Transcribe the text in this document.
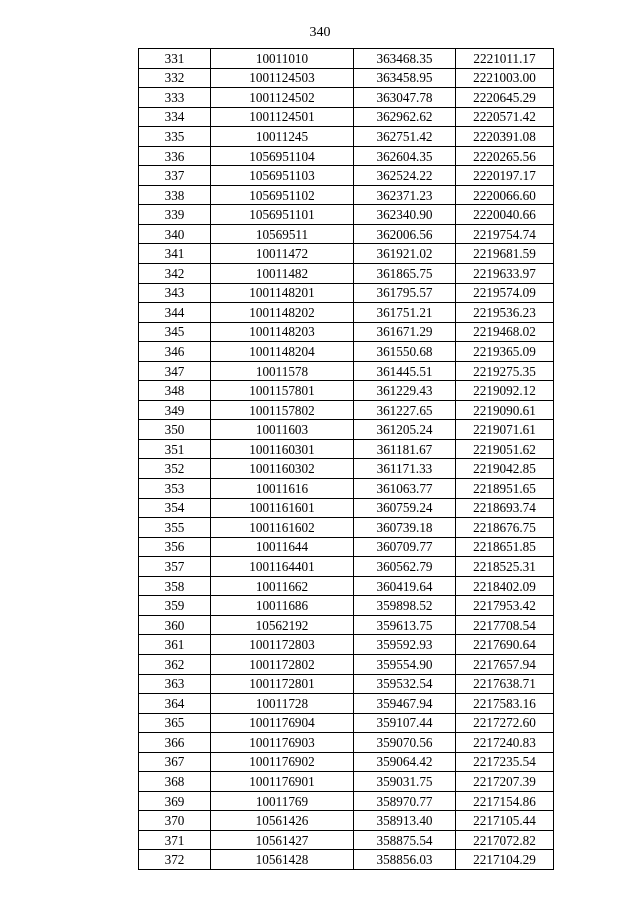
340
331	10011010	363468.35	2221011.17
332	1001124503	363458.95	2221003.00
333	1001124502	363047.78	2220645.29
334	1001124501	362962.62	2220571.42
335	10011245	362751.42	2220391.08
336	1056951104	362604.35	2220265.56
337	1056951103	362524.22	2220197.17
338	1056951102	362371.23	2220066.60
339	1056951101	362340.90	2220040.66
340	10569511	362006.56	2219754.74
341	10011472	361921.02	2219681.59
342	10011482	361865.75	2219633.97
343	1001148201	361795.57	2219574.09
344	1001148202	361751.21	2219536.23
345	1001148203	361671.29	2219468.02
346	1001148204	361550.68	2219365.09
347	10011578	361445.51	2219275.35
348	1001157801	361229.43	2219092.12
349	1001157802	361227.65	2219090.61
350	10011603	361205.24	2219071.61
351	1001160301	361181.67	2219051.62
352	1001160302	361171.33	2219042.85
353	10011616	361063.77	2218951.65
354	1001161601	360759.24	2218693.74
355	1001161602	360739.18	2218676.75
356	10011644	360709.77	2218651.85
357	1001164401	360562.79	2218525.31
358	10011662	360419.64	2218402.09
359	10011686	359898.52	2217953.42
360	10562192	359613.75	2217708.54
361	1001172803	359592.93	2217690.64
362	1001172802	359554.90	2217657.94
363	1001172801	359532.54	2217638.71
364	10011728	359467.94	2217583.16
365	1001176904	359107.44	2217272.60
366	1001176903	359070.56	2217240.83
367	1001176902	359064.42	2217235.54
368	1001176901	359031.75	2217207.39
369	10011769	358970.77	2217154.86
370	10561426	358913.40	2217105.44
371	10561427	358875.54	2217072.82
372	10561428	358856.03	2217104.29
